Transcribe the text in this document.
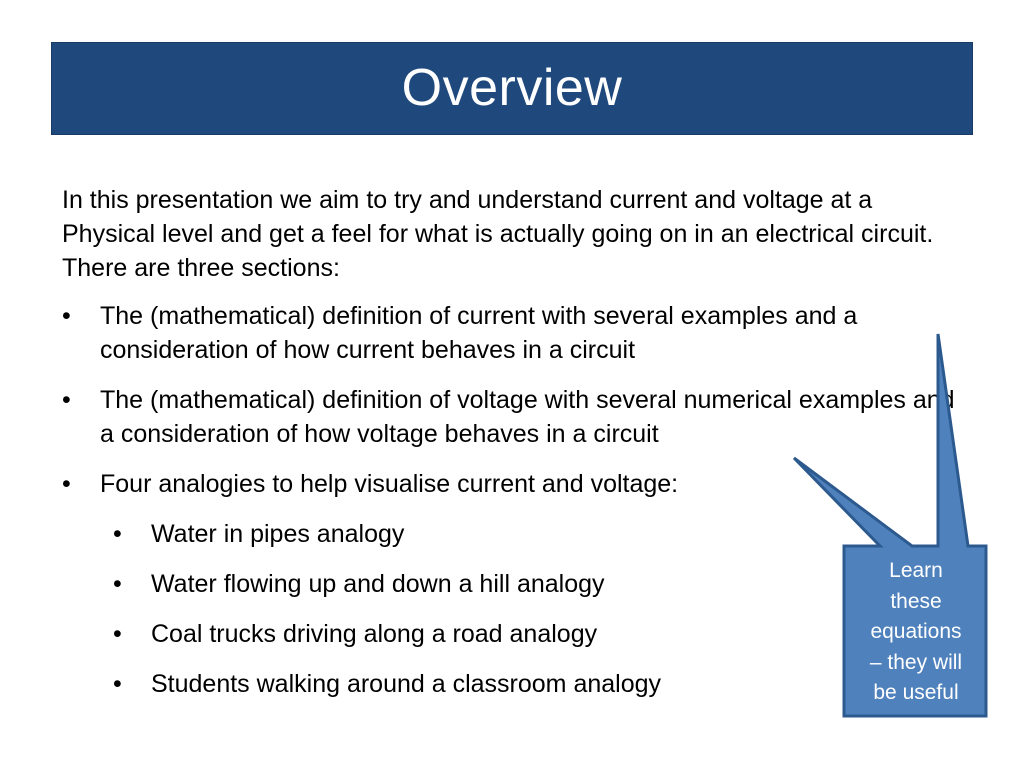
Overview

In this presentation we aim to try and understand current and voltage at a Physical level and get a feel for what is actually going on in an electrical circuit. There are three sections:

•	The (mathematical) definition of current with several examples and a consideration of how current behaves in a circuit
•	The (mathematical) definition of voltage with several numerical examples and a consideration of how voltage behaves in a circuit
•	Four analogies to help visualise current and voltage:
•	Water in pipes analogy
•	Water flowing up and down a hill analogy
•	Coal trucks driving along a road analogy
•	Students walking around a classroom analogy
Learn
these
equations
– they will
be useful
